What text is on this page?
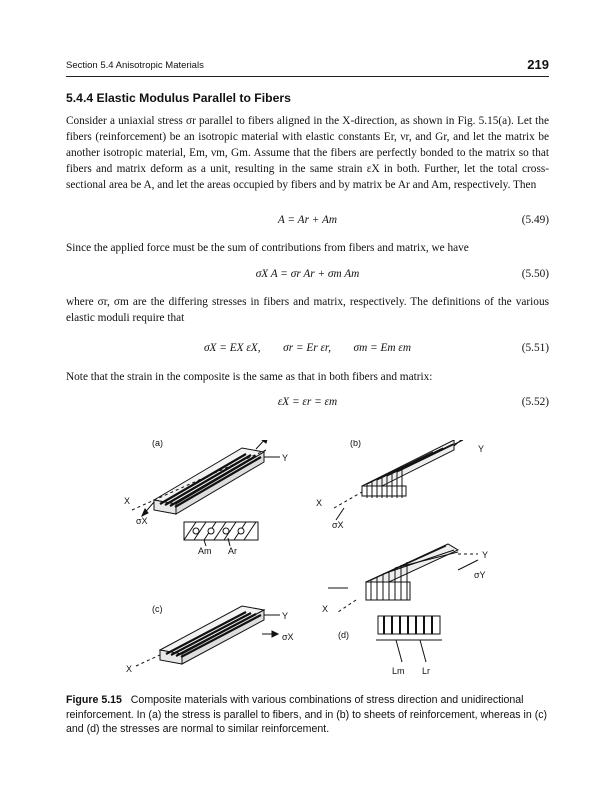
Section 5.4 Anisotropic Materials	219
5.4.4 Elastic Modulus Parallel to Fibers
Consider a uniaxial stress σr parallel to fibers aligned in the X-direction, as shown in Fig. 5.15(a). Let the fibers (reinforcement) be an isotropic material with elastic constants Er, νr, and Gr, and let the matrix be another isotropic material, Em, νm, Gm. Assume that the fibers are perfectly bonded to the matrix so that fibers and matrix deform as a unit, resulting in the same strain εX in both. Further, let the total cross-sectional area be A, and let the areas occupied by fibers and by matrix be Ar and Am, respectively. Then
A = Ar + Am	(5.49)
Since the applied force must be the sum of contributions from fibers and matrix, we have
σX A = σr Ar + σm Am	(5.50)
where σr, σm are the differing stresses in fibers and matrix, respectively. The definitions of the various elastic moduli require that
σX = EX εX,        σr = Er εr,        σm = Em εm	(5.51)
Note that the strain in the composite is the same as that in both fibers and matrix:
εX = εr = εm	(5.52)
(a)
Y
X
σX
Am Ar
(b)
Y
X
σX
Y
σY
X
(d)
Lm Lr
(c)
Y
σX
X
Figure 5.15 Composite materials with various combinations of stress direction and unidirectional reinforcement. In (a) the stress is parallel to fibers, and in (b) to sheets of reinforcement, whereas in (c) and (d) the stresses are normal to similar reinforcement.
